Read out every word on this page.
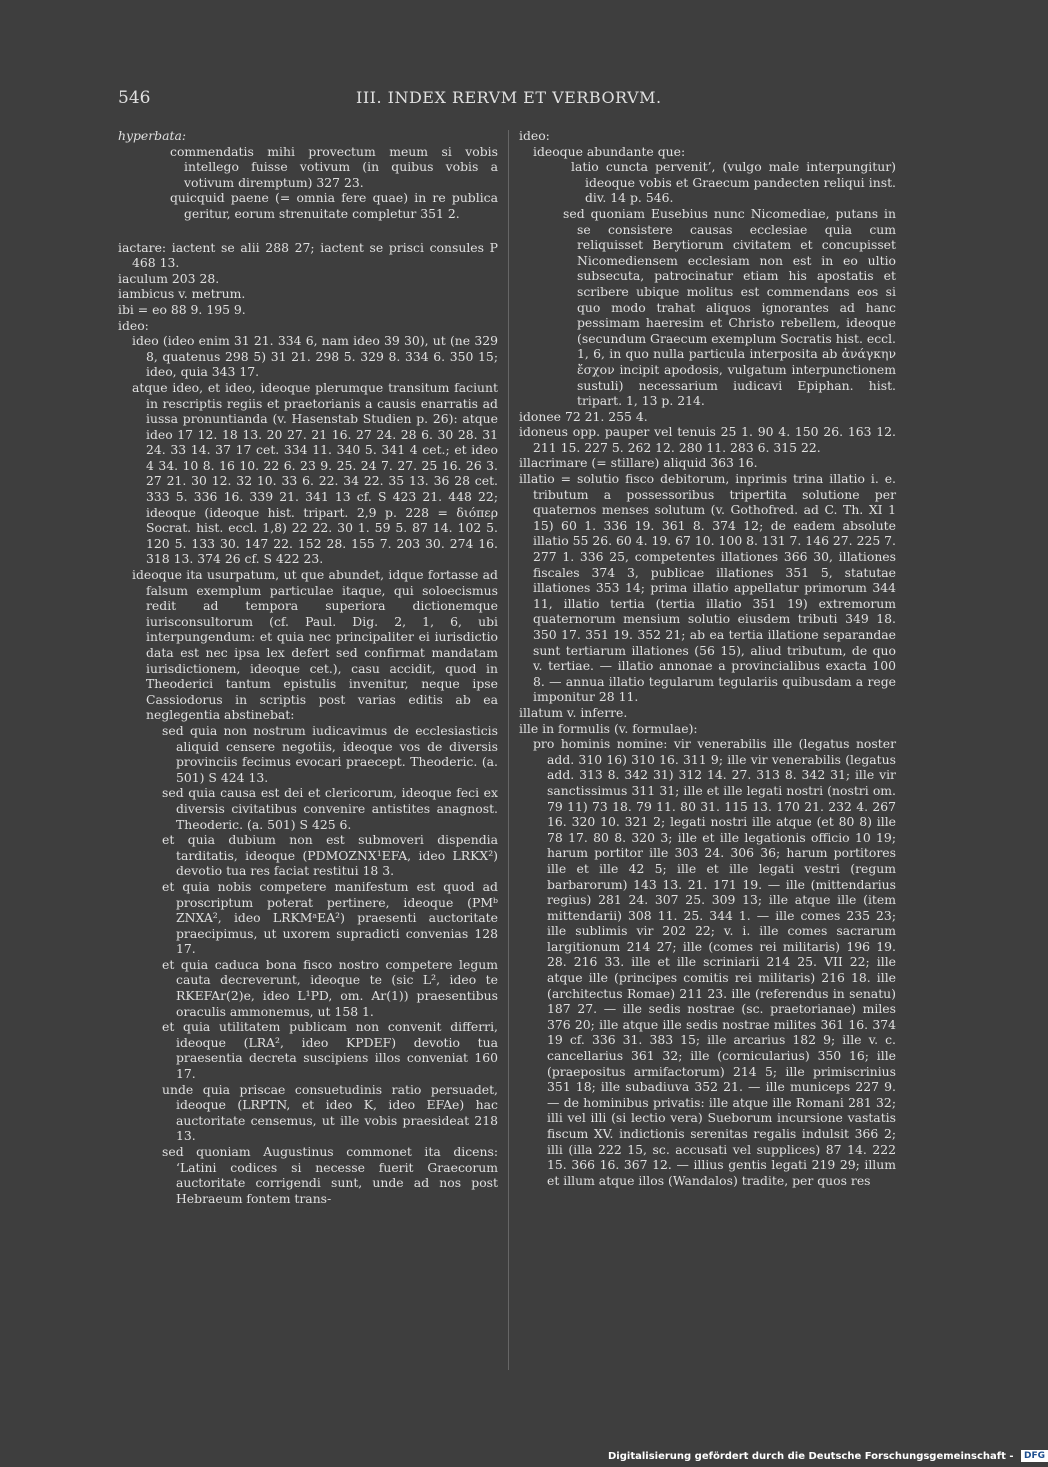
546	III. INDEX RERVM ET VERBORVM.

hyperbata:

commendatis mihi provectum meum si vobis intellego fuisse votivum (in quibus vobis a votivum diremptum) 327 23.

quicquid paene (= omnia fere quae) in re publica geritur, eorum strenuitate completur 351 2.

iactare: iactent se alii 288 27; iactent se prisci consules P 468 13.

iaculum 203 28.

iambicus v. metrum.

ibi = eo 88 9. 195 9.

ideo:

ideo (ideo enim 31 21. 334 6, nam ideo 39 30), ut (ne 329 8, quatenus 298 5) 31 21. 298 5. 329 8. 334 6. 350 15; ideo, quia 343 17.

atque ideo, et ideo, ideoque plerumque transitum faciunt in rescriptis regiis et praetorianis a causis enarratis ad iussa pronuntianda (v. Hasenstab Studien p. 26): atque ideo 17 12. 18 13. 20 27. 21 16. 27 24. 28 6. 30 28. 31 24. 33 14. 37 17 cet. 334 11. 340 5. 341 4 cet.; et ideo 4 34. 10 8. 16 10. 22 6. 23 9. 25. 24 7. 27. 25 16. 26 3. 27 21. 30 12. 32 10. 33 6. 22. 34 22. 35 13. 36 28 cet. 333 5. 336 16. 339 21. 341 13 cf. S 423 21. 448 22; ideoque (ideoque hist. tripart. 2,9 p. 228 = διόπερ Socrat. hist. eccl. 1,8) 22 22. 30 1. 59 5. 87 14. 102 5. 120 5. 133 30. 147 22. 152 28. 155 7. 203 30. 274 16. 318 13. 374 26 cf. S 422 23.

ideoque ita usurpatum, ut que abundet, idque fortasse ad falsum exemplum particulae itaque, qui soloecismus redit ad tempora superiora dictionemque iurisconsultorum (cf. Paul. Dig. 2, 1, 6, ubi interpungendum: et quia nec principaliter ei iurisdictio data est nec ipsa lex defert sed confirmat mandatam iurisdictionem, ideoque cet.), casu accidit, quod in Theoderici tantum epistulis invenitur, neque ipse Cassiodorus in scriptis post varias editis ab ea neglegentia abstinebat:

sed quia non nostrum iudicavimus de ecclesiasticis aliquid censere negotiis, ideoque vos de diversis provinciis fecimus evocari praecept. Theoderic. (a. 501) S 424 13.

sed quia causa est dei et clericorum, ideoque feci ex diversis civitatibus convenire antistites anagnost. Theoderic. (a. 501) S 425 6.

et quia dubium non est submoveri dispendia tarditatis, ideoque (PDMOZNX¹EFA, ideo LRKX²) devotio tua res faciat restitui 18 3.

et quia nobis competere manifestum est quod ad proscriptum poterat pertinere, ideoque (PMᵇ ZNXA², ideo LRKMᵃEA²) praesenti auctoritate praecipimus, ut uxorem supradicti convenias 128 17.

et quia caduca bona fisco nostro competere legum cauta decreverunt, ideoque te (sic L², ideo te RKEFAr(2)e, ideo L¹PD, om. Ar(1)) praesentibus oraculis ammonemus, ut 158 1.

et quia utilitatem publicam non convenit differri, ideoque (LRA², ideo KPDEF) devotio tua praesentia decreta suscipiens illos conveniat 160 17.

unde quia priscae consuetudinis ratio persuadet, ideoque (LRPTN, et ideo K, ideo EFAe) hac auctoritate censemus, ut ille vobis praesideat 218 13.

sed quoniam Augustinus commonet ita dicens: ‘Latini codices si necesse fuerit Graecorum auctoritate corrigendi sunt, unde ad nos post Hebraeum fontem trans-

ideo:

ideoque abundante que:

latio cuncta pervenit’, (vulgo male interpungitur) ideoque vobis et Graecum pandecten reliqui inst. div. 14 p. 546.

sed quoniam Eusebius nunc Nicomediae, putans in se consistere causas ecclesiae quia cum reliquisset Berytiorum civitatem et concupisset Nicomediensem ecclesiam non est in eo ultio subsecuta, patrocinatur etiam his apostatis et scribere ubique molitus est commendans eos si quo modo trahat aliquos ignorantes ad hanc pessimam haeresim et Christo rebellem, ideoque (secundum Graecum exemplum Socratis hist. eccl. 1, 6, in quo nulla particula interposita ab ἀνάγκην ἔσχον incipit apodosis, vulgatum interpunctionem sustuli) necessarium iudicavi Epiphan. hist. tripart. 1, 13 p. 214.

idonee 72 21. 255 4.

idoneus opp. pauper vel tenuis 25 1. 90 4. 150 26. 163 12. 211 15. 227 5. 262 12. 280 11. 283 6. 315 22.

illacrimare (= stillare) aliquid 363 16.

illatio = solutio fisco debitorum, inprimis trina illatio i. e. tributum a possessoribus tripertita solutione per quaternos menses solutum (v. Gothofred. ad C. Th. XI 1 15) 60 1. 336 19. 361 8. 374 12; de eadem absolute illatio 55 26. 60 4. 19. 67 10. 100 8. 131 7. 146 27. 225 7. 277 1. 336 25, competentes illationes 366 30, illationes fiscales 374 3, publicae illationes 351 5, statutae illationes 353 14; prima illatio appellatur primorum 344 11, illatio tertia (tertia illatio 351 19) extremorum quaternorum mensium solutio eiusdem tributi 349 18. 350 17. 351 19. 352 21; ab ea tertia illatione separandae sunt tertiarum illationes (56 15), aliud tributum, de quo v. tertiae. — illatio annonae a provincialibus exacta 100 8. — annua illatio tegularum tegulariis quibusdam a rege imponitur 28 11.

illatum v. inferre.

ille in formulis (v. formulae):

pro hominis nomine: vir venerabilis ille (legatus noster add. 310 16) 310 16. 311 9; ille vir venerabilis (legatus add. 313 8. 342 31) 312 14. 27. 313 8. 342 31; ille vir sanctissimus 311 31; ille et ille legati nostri (nostri om. 79 11) 73 18. 79 11. 80 31. 115 13. 170 21. 232 4. 267 16. 320 10. 321 2; legati nostri ille atque (et 80 8) ille 78 17. 80 8. 320 3; ille et ille legationis officio 10 19; harum portitor ille 303 24. 306 36; harum portitores ille et ille 42 5; ille et ille legati vestri (regum barbarorum) 143 13. 21. 171 19. — ille (mittendarius regius) 281 24. 307 25. 309 13; ille atque ille (item mittendarii) 308 11. 25. 344 1. — ille comes 235 23; ille sublimis vir 202 22; v. i. ille comes sacrarum largitionum 214 27; ille (comes rei militaris) 196 19. 28. 216 33. ille et ille scriniarii 214 25. VII 22; ille atque ille (principes comitis rei militaris) 216 18. ille (architectus Romae) 211 23. ille (referendus in senatu) 187 27. — ille sedis nostrae (sc. praetorianae) miles 376 20; ille atque ille sedis nostrae milites 361 16. 374 19 cf. 336 31. 383 15; ille arcarius 182 9; ille v. c. cancellarius 361 32; ille (cornicularius) 350 16; ille (praepositus armifactorum) 214 5; ille primiscrinius 351 18; ille subadiuva 352 21. — ille municeps 227 9. — de hominibus privatis: ille atque ille Romani 281 32; illi vel illi (si lectio vera) Sueborum incursione vastatis fiscum XV. indictionis serenitas regalis indulsit 366 2; illi (illa 222 15, sc. accusati vel supplices) 87 14. 222 15. 366 16. 367 12. — illius gentis legati 219 29; illum et illum atque illos (Wandalos) tradite, per quos res

Digitalisierung gefördert durch die Deutsche Forschungsgemeinschaft - DFG
